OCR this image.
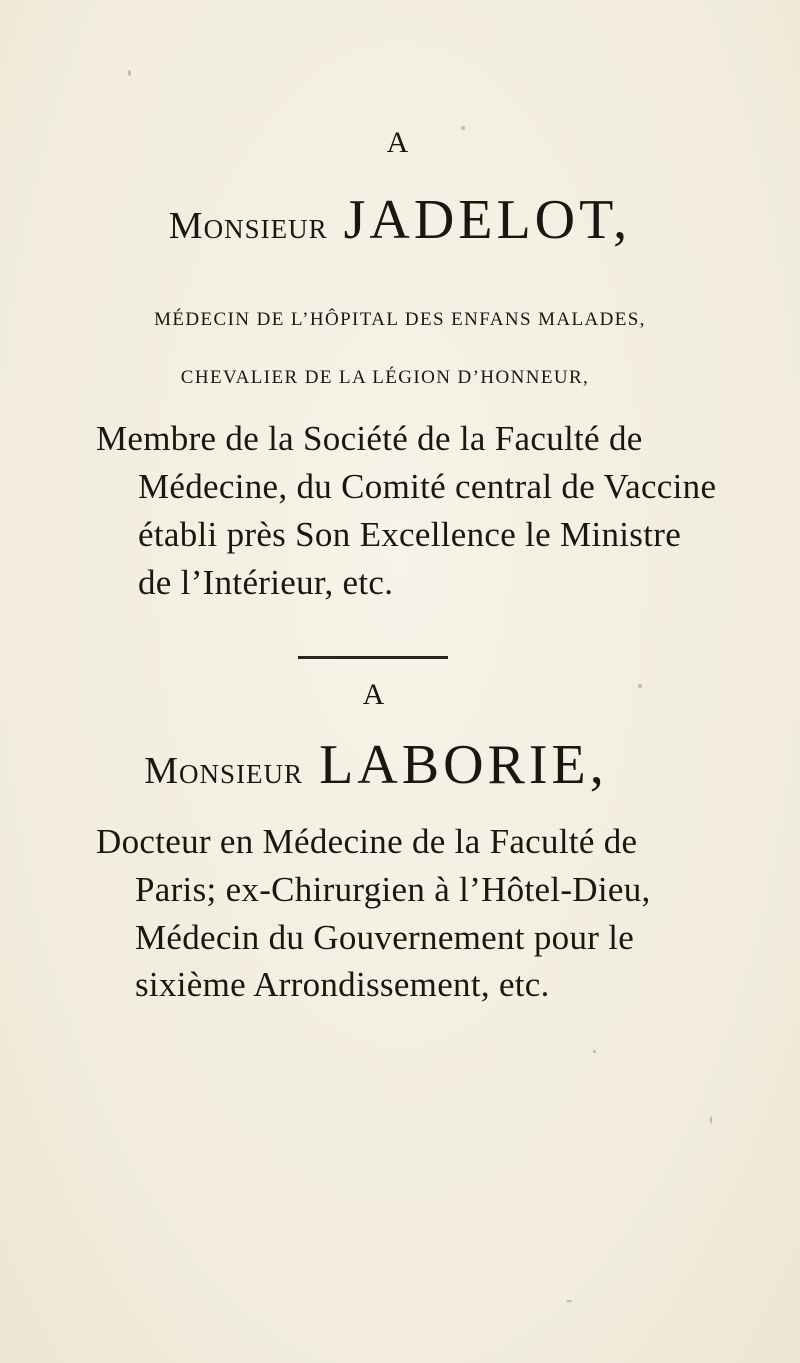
A
Monsieur JADELOT,
MÉDECIN DE L’HÔPITAL DES ENFANS MALADES,
CHEVALIER DE LA LÉGION D’HONNEUR,
Membre de la Société de la Faculté de
Médecine, du Comité central de Vaccine
établi près Son Excellence le Ministre
de l’Intérieur, etc.
A
Monsieur LABORIE,
Docteur en Médecine de la Faculté de
Paris; ex-Chirurgien à l’Hôtel-Dieu,
Médecin du Gouvernement pour le
sixième Arrondissement, etc.
